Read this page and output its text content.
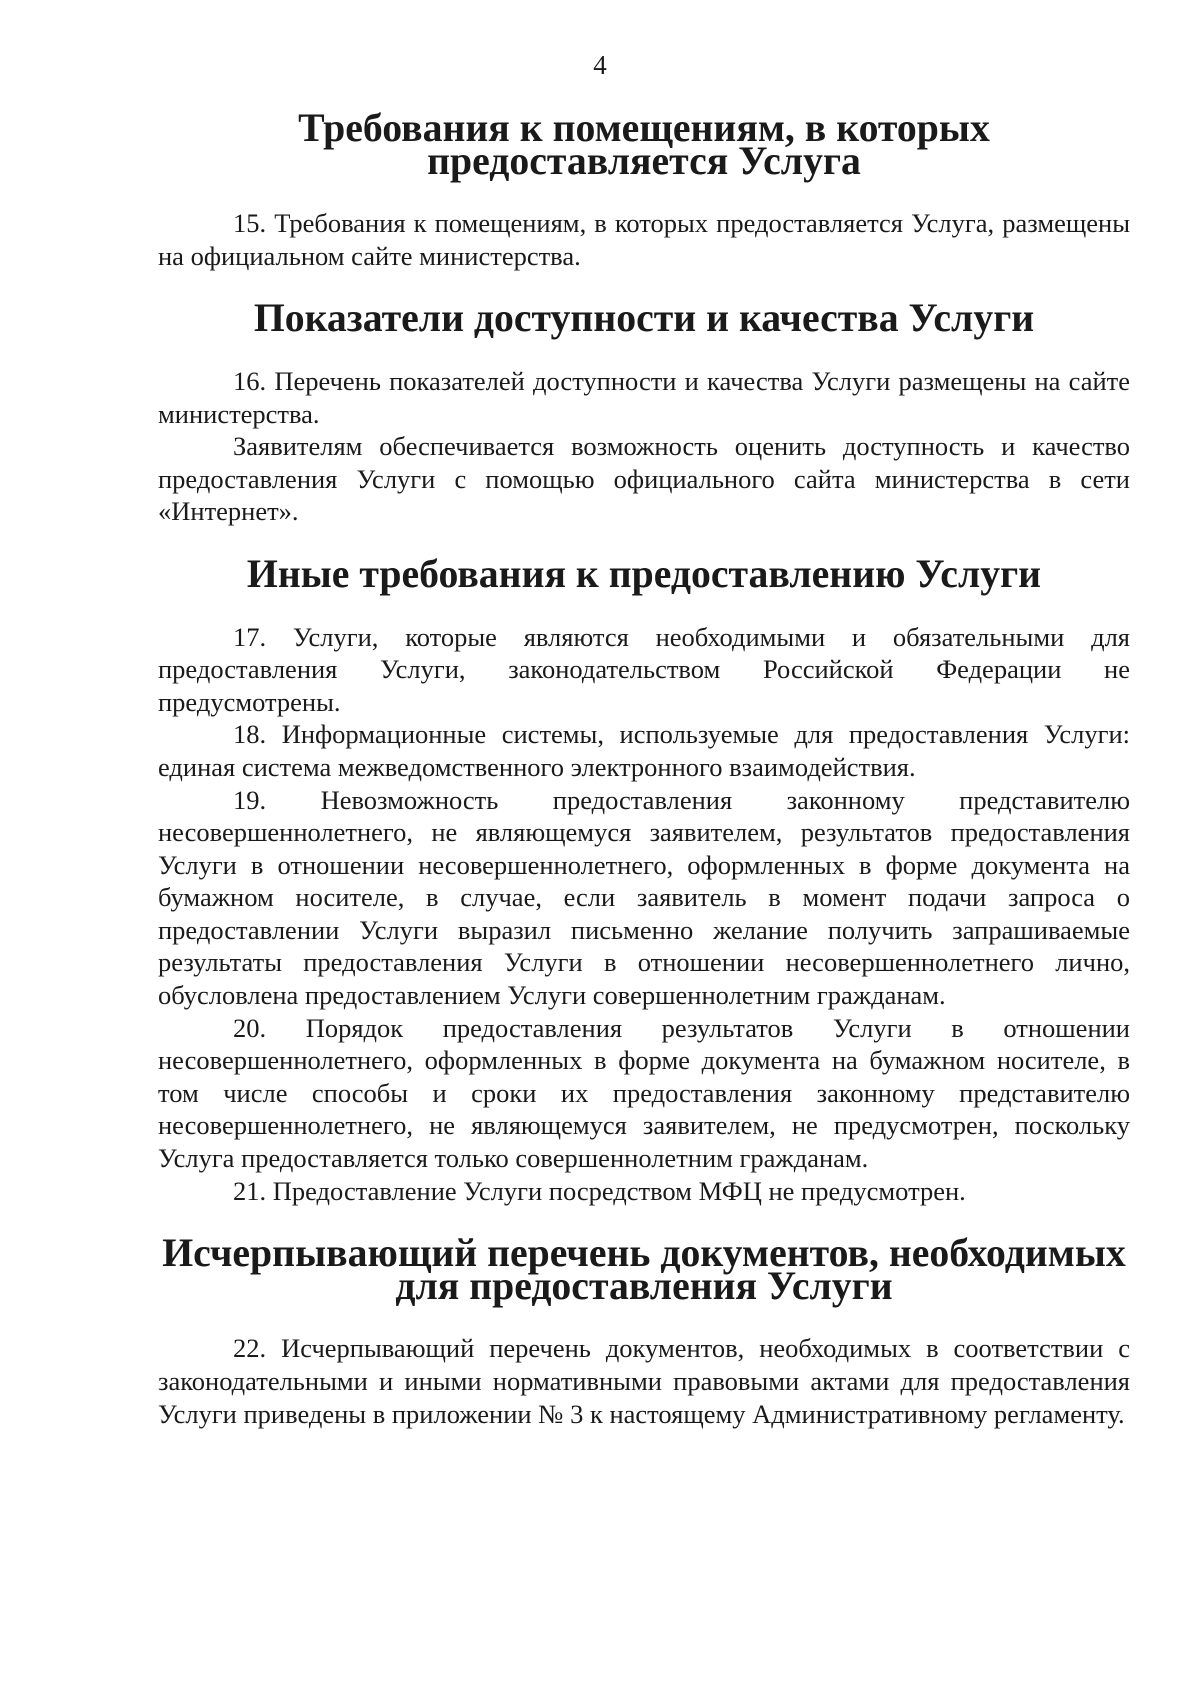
4
Требования к помещениям, в которых предоставляется Услуга

15. Требования к помещениям, в которых предоставляется Услуга, размещены на официальном сайте министерства.

Показатели доступности и качества Услуги

16. Перечень показателей доступности и качества Услуги размещены на сайте министерства.

Заявителям обеспечивается возможность оценить доступность и качество предоставления Услуги с помощью официального сайта министерства в сети «Интернет».

Иные требования к предоставлению Услуги

17. Услуги, которые являются необходимыми и обязательными для предоставления Услуги, законодательством Российской Федерации не предусмотрены.

18. Информационные системы, используемые для предоставления Услуги: единая система межведомственного электронного взаимодействия.

19. Невозможность предоставления законному представителю несовершеннолетнего, не являющемуся заявителем, результатов предоставления Услуги в отношении несовершеннолетнего, оформленных в форме документа на бумажном носителе, в случае, если заявитель в момент подачи запроса о предоставлении Услуги выразил письменно желание получить запрашиваемые результаты предоставления Услуги в отношении несовершеннолетнего лично, обусловлена предоставлением Услуги совершеннолетним гражданам.

20. Порядок предоставления результатов Услуги в отношении несовершеннолетнего, оформленных в форме документа на бумажном носителе, в том числе способы и сроки их предоставления законному представителю несовершеннолетнего, не являющемуся заявителем, не предусмотрен, поскольку Услуга предоставляется только совершеннолетним гражданам.

21. Предоставление Услуги посредством МФЦ не предусмотрен.

Исчерпывающий перечень документов, необходимых для предоставления Услуги

22. Исчерпывающий перечень документов, необходимых в соответствии с законодательными и иными нормативными правовыми актами для предоставления Услуги приведены в приложении № 3 к настоящему Административному регламенту.
